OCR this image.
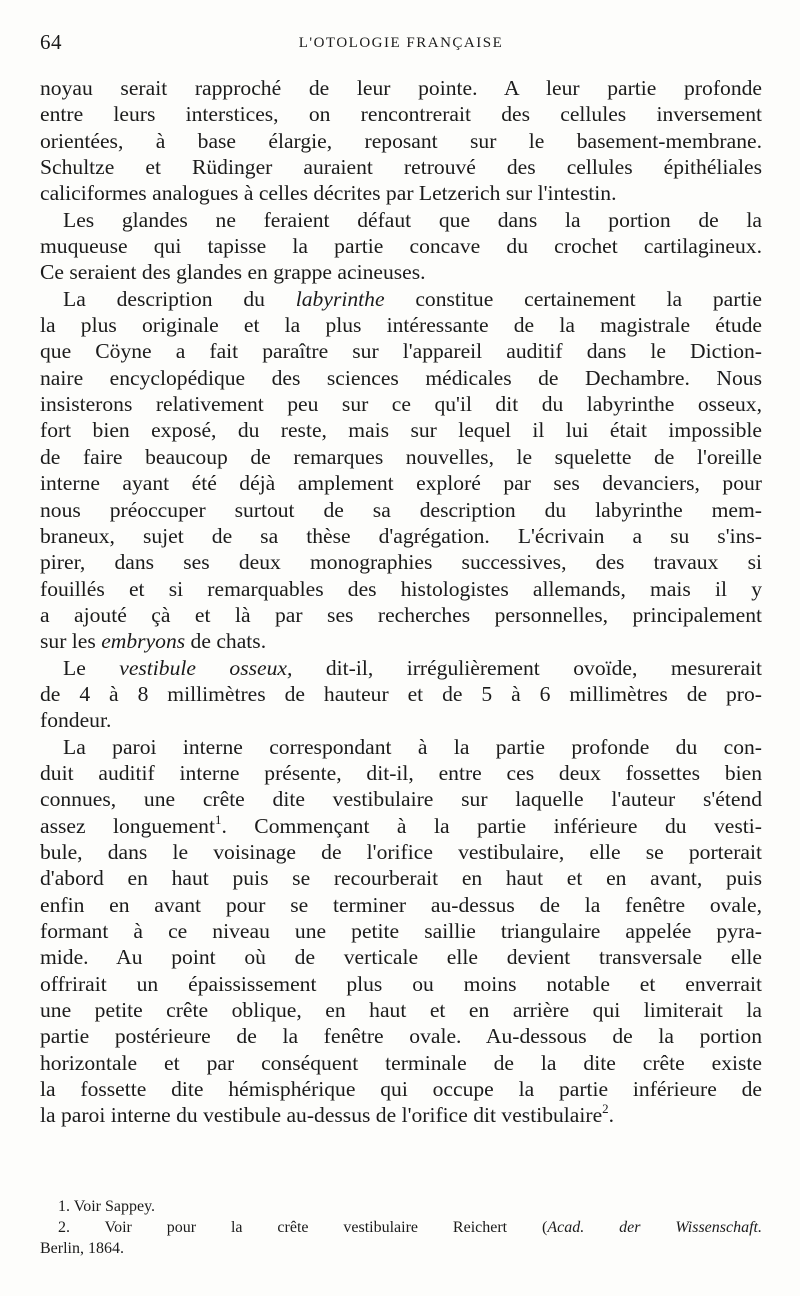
64	L'OTOLOGIE FRANÇAISE
noyau serait rapproché de leur pointe. A leur partie profonde
entre leurs interstices, on rencontrerait des cellules inversement
orientées, à base élargie, reposant sur le basement-membrane.
Schultze et Rüdinger auraient retrouvé des cellules épithéliales
caliciformes analogues à celles décrites par Letzerich sur l'intestin.
Les glandes ne feraient défaut que dans la portion de la
muqueuse qui tapisse la partie concave du crochet cartilagineux.
Ce seraient des glandes en grappe acineuses.
La description du labyrinthe constitue certainement la partie
la plus originale et la plus intéressante de la magistrale étude
que Cöyne a fait paraître sur l'appareil auditif dans le Diction-
naire encyclopédique des sciences médicales de Dechambre. Nous
insisterons relativement peu sur ce qu'il dit du labyrinthe osseux,
fort bien exposé, du reste, mais sur lequel il lui était impossible
de faire beaucoup de remarques nouvelles, le squelette de l'oreille
interne ayant été déjà amplement exploré par ses devanciers, pour
nous préoccuper surtout de sa description du labyrinthe mem-
braneux, sujet de sa thèse d'agrégation. L'écrivain a su s'ins-
pirer, dans ses deux monographies successives, des travaux si
fouillés et si remarquables des histologistes allemands, mais il y
a ajouté çà et là par ses recherches personnelles, principalement
sur les embryons de chats.
Le vestibule osseux, dit-il, irrégulièrement ovoïde, mesurerait
de 4 à 8 millimètres de hauteur et de 5 à 6 millimètres de pro-
fondeur.
La paroi interne correspondant à la partie profonde du con-
duit auditif interne présente, dit-il, entre ces deux fossettes bien
connues, une crête dite vestibulaire sur laquelle l'auteur s'étend
assez longuement$^1$. Commençant à la partie inférieure du vesti-
bule, dans le voisinage de l'orifice vestibulaire, elle se porterait
d'abord en haut puis se recourberait en haut et en avant, puis
enfin en avant pour se terminer au-dessus de la fenêtre ovale,
formant à ce niveau une petite saillie triangulaire appelée pyra-
mide. Au point où de verticale elle devient transversale elle
offrirait un épaississement plus ou moins notable et enverrait
une petite crête oblique, en haut et en arrière qui limiterait la
partie postérieure de la fenêtre ovale. Au-dessous de la portion
horizontale et par conséquent terminale de la dite crête existe
la fossette dite hémisphérique qui occupe la partie inférieure de
la paroi interne du vestibule au-dessus de l'orifice dit vestibulaire$^2$.
1. Voir Sappey.
2. Voir pour la crête vestibulaire Reichert (Acad. der Wissenschaft.
Berlin, 1864.
